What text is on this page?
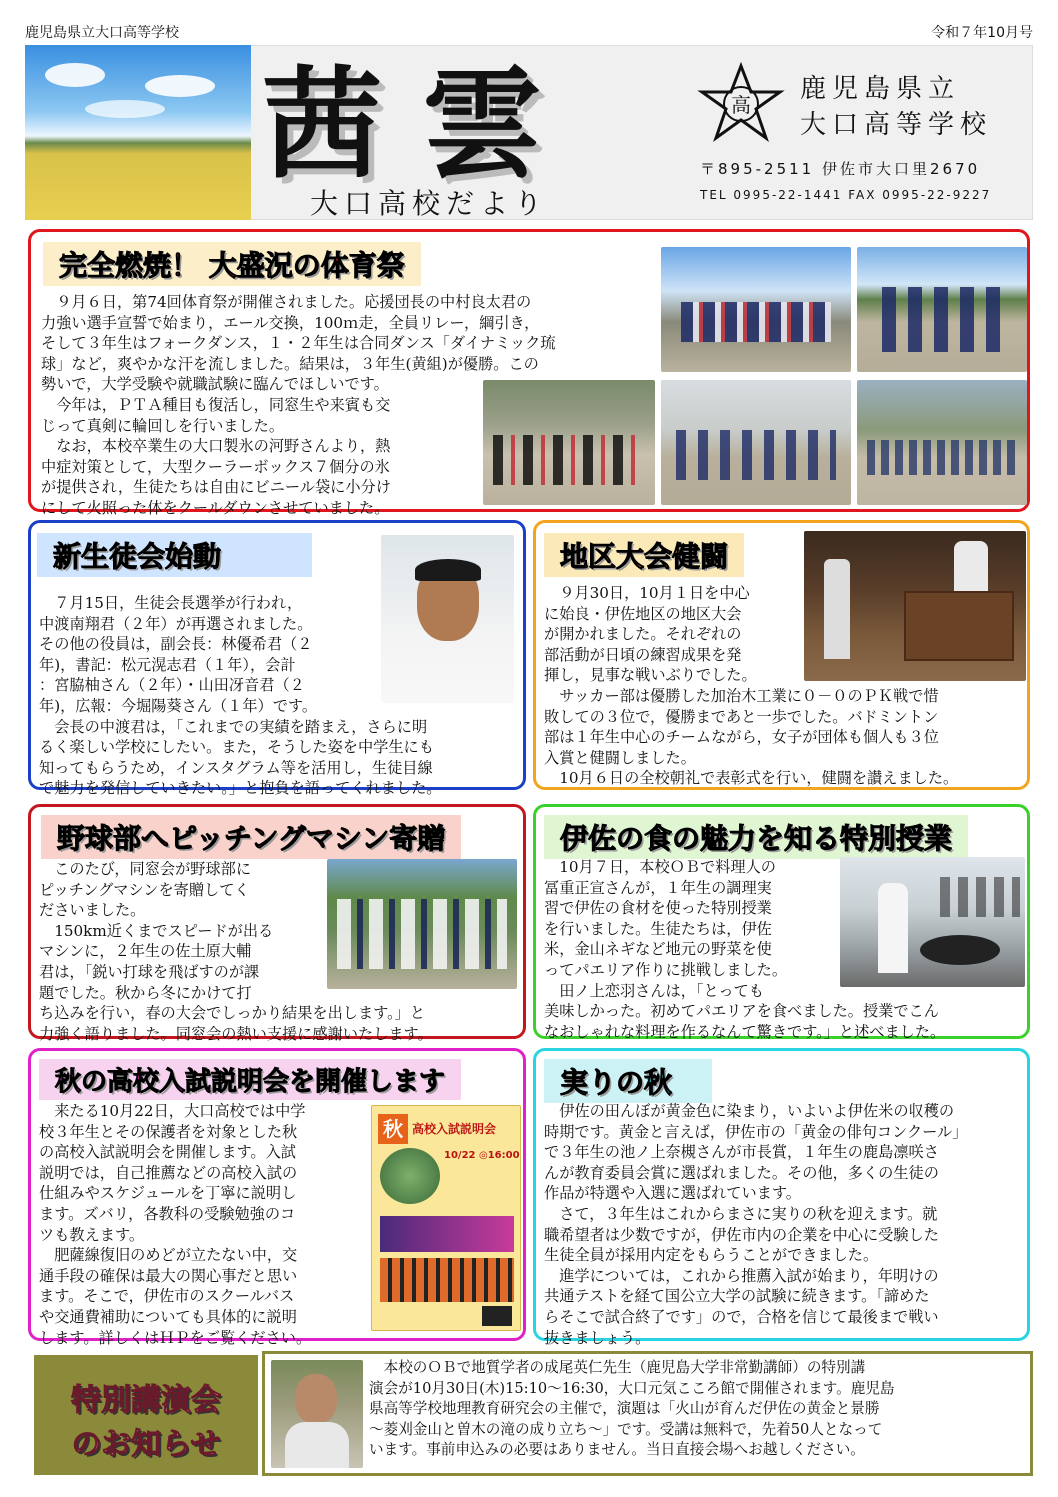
鹿児島県立大口高等学校	令和７年10月号
茜雲
大口高校だより
高
鹿児島県立
大口高等学校
〒895-2511 伊佐市大口里2670
TEL 0995-22-1441 FAX 0995-22-9227
完全燃焼！ 大盛況の体育祭
　９月６日，第74回体育祭が開催されました。応援団長の中村良太君の
力強い選手宣誓で始まり，エール交換，100ｍ走，全員リレー，綱引き，
そして３年生はフォークダンス，１・２年生は合同ダンス「ダイナミック琉
球」など，爽やかな汗を流しました。結果は，３年生(黄組)が優勝。この
勢いで，大学受験や就職試験に臨んでほしいです。
　今年は，ＰＴＡ種目も復活し，同窓生や来賓も交
じって真剣に輪回しを行いました。
　なお，本校卒業生の大口製氷の河野さんより，熱
中症対策として，大型クーラーボックス７個分の氷
が提供され，生徒たちは自由にビニール袋に小分け
にして火照った体をクールダウンさせていました。
新生徒会始動
　７月15日，生徒会長選挙が行われ，
中渡南翔君（２年）が再選されました。
その他の役員は，副会長：林優希君（２
年)，書記：松元滉志君（１年），会計
：宮脇柚さん（２年）・山田冴音君（２
年)，広報：今堀陽葵さん（１年）です。
　会長の中渡君は，「これまでの実績を踏まえ，さらに明
るく楽しい学校にしたい。また，そうした姿を中学生にも
知ってもらうため，インスタグラム等を活用し，生徒目線
で魅力を発信していきたい。」と抱負を語ってくれました。
地区大会健闘
　９月30日，10月１日を中心
に始良・伊佐地区の地区大会
が開かれました。それぞれの
部活動が日頃の練習成果を発
揮し，見事な戦いぶりでした。
　サッカー部は優勝した加治木工業に０－０のＰＫ戦で惜
敗しての３位で，優勝まであと一歩でした。バドミントン
部は１年生中心のチームながら，女子が団体も個人も３位
入賞と健闘しました。
　10月６日の全校朝礼で表彰式を行い，健闘を讃えました。
野球部へピッチングマシン寄贈
　このたび，同窓会が野球部に
ピッチングマシンを寄贈してく
ださいました。
　150km近くまでスピードが出る
マシンに，２年生の佐土原大輔
君は，「鋭い打球を飛ばすのが課
題でした。秋から冬にかけて打
ち込みを行い，春の大会でしっかり結果を出します。」と
力強く語りました。同窓会の熱い支援に感謝いたします。
伊佐の食の魅力を知る特別授業
　10月７日，本校ＯＢで料理人の
冨重正宣さんが，１年生の調理実
習で伊佐の食材を使った特別授業
を行いました。生徒たちは，伊佐
米，金山ネギなど地元の野菜を使
ってパエリア作りに挑戦しました。
　田ノ上恋羽さんは，「とっても
美味しかった。初めてパエリアを食べました。授業でこん
なおしゃれな料理を作るなんて驚きです。」と述べました。
秋の高校入試説明会を開催します
秋 高校入試説明会
10/22 ◎16:00
　来たる10月22日，大口高校では中学
校３年生とその保護者を対象とした秋
の高校入試説明会を開催します。入試
説明では，自己推薦などの高校入試の
仕組みやスケジュールを丁寧に説明し
ます。ズバリ，各教科の受験勉強のコ
ツも教えます。
　肥薩線復旧のめどが立たない中，交
通手段の確保は最大の関心事だと思い
ます。そこで，伊佐市のスクールバス
や交通費補助についても具体的に説明
します。詳しくはＨＰをご覧ください。
実りの秋
　伊佐の田んぼが黄金色に染まり，いよいよ伊佐米の収穫の
時期です。黄金と言えば，伊佐市の「黄金の俳句コンクール」
で３年生の池ノ上奈槻さんが市長賞，１年生の鹿島凛咲さ
んが教育委員会賞に選ばれました。その他，多くの生徒の
作品が特選や入選に選ばれています。
　さて，３年生はこれからまさに実りの秋を迎えます。就
職希望者は少数ですが，伊佐市内の企業を中心に受験した
生徒全員が採用内定をもらうことができました。
　進学については，これから推薦入試が始まり，年明けの
共通テストを経て国公立大学の試験に続きます。「諦めた
らそこで試合終了です」ので，合格を信じて最後まで戦い
抜きましょう。
特別講演会
のお知らせ
　本校のＯＢで地質学者の成尾英仁先生（鹿児島大学非常勤講師）の特別講
演会が10月30日(木)15:10～16:30，大口元気こころ館で開催されます。鹿児島
県高等学校地理教育研究会の主催で，演題は「火山が育んだ伊佐の黄金と景勝
～菱刈金山と曽木の滝の成り立ち～」です。受講は無料で，先着50人となって
います。事前申込みの必要はありません。当日直接会場へお越しください。
